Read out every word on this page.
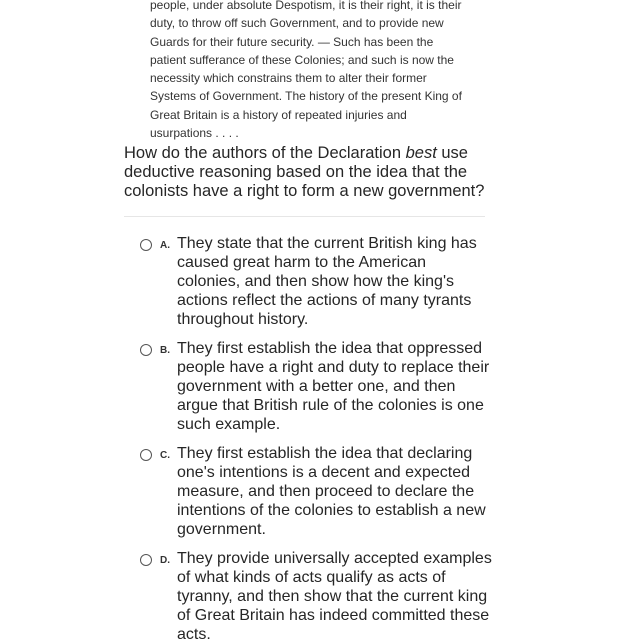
people, under absolute Despotism, it is their right, it is their
duty, to throw off such Government, and to provide new
Guards for their future security. — Such has been the
patient sufferance of these Colonies; and such is now the
necessity which constrains them to alter their former
Systems of Government. The history of the present King of
Great Britain is a history of repeated injuries and
usurpations . . . .
How do the authors of the Declaration best use
deductive reasoning based on the idea that the
colonists have a right to form a new government?
A. They state that the current British king has
caused great harm to the American
colonies, and then show how the king's
actions reflect the actions of many tyrants
throughout history.
B. They first establish the idea that oppressed
people have a right and duty to replace their
government with a better one, and then
argue that British rule of the colonies is one
such example.
C. They first establish the idea that declaring
one's intentions is a decent and expected
measure, and then proceed to declare the
intentions of the colonies to establish a new
government.
D. They provide universally accepted examples
of what kinds of acts qualify as acts of
tyranny, and then show that the current king
of Great Britain has indeed committed these
acts.
